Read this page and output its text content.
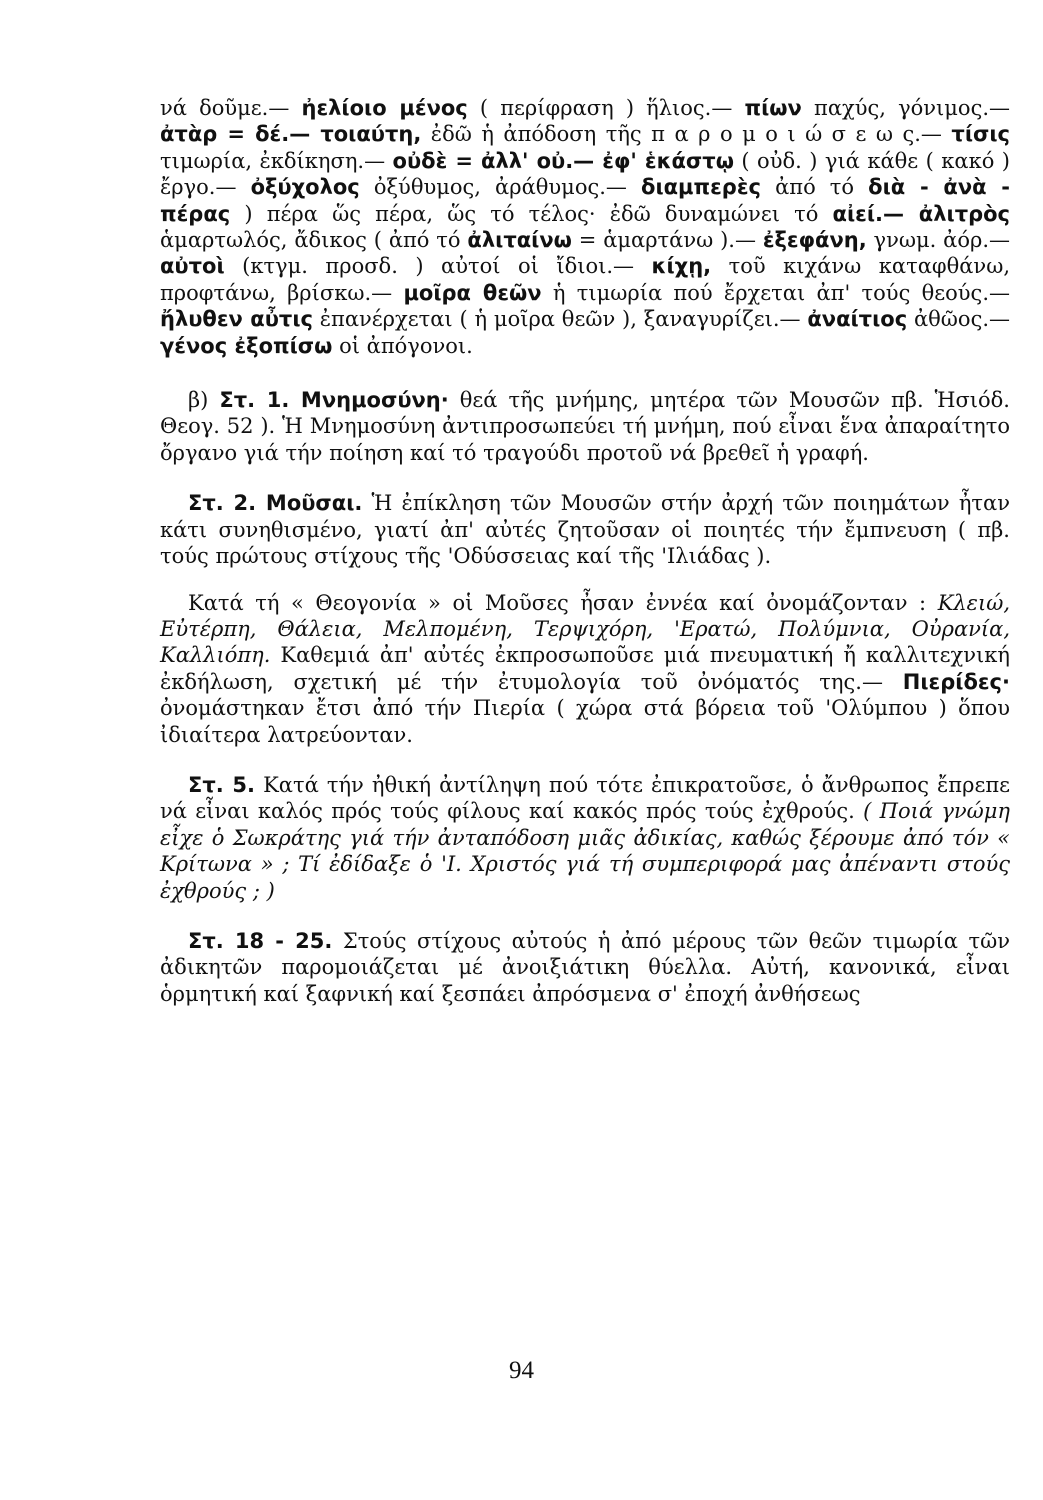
νά δοῦμε.— ἠελίοιο μένος ( περίφραση ) ἥλιος.— πίων παχύς, γόνιμος.— ἀτὰρ = δέ.— τοιαύτη, ἐδῶ ἡ ἀπόδοση τῆς π α ρ ο μ ο ι ώ σ ε ω ς.— τίσις τιμωρία, ἐκδίκηση.— οὐδὲ = ἀλλ' οὐ.— ἐφ' ἑκάστῳ ( οὐδ. ) γιά κάθε ( κακό ) ἔργο.— ὀξύχολος ὀξύθυμος, ἀράθυμος.— διαμπερὲς ἀπό τό διὰ - ἀνὰ - πέρας ) πέρα ὥς πέρα, ὥς τό τέλος· ἐδῶ δυναμώνει τό αἰεί.— ἀλιτρὸς ἁμαρτωλός, ἄδικος ( ἀπό τό ἀλιταίνω = ἁμαρτάνω ).— ἐξεφάνη, γνωμ. ἀόρ.— αὐτοὶ (κτγμ. προσδ. ) αὐτοί οἱ ἴδιοι.— κίχῃ, τοῦ κιχάνω καταφθάνω, προφτάνω, βρίσκω.— μοῖρα θεῶν ἡ τιμωρία πού ἔρχεται ἀπ' τούς θεούς.— ἤλυθεν αὖτις ἐπανέρχεται ( ἡ μοῖρα θεῶν ), ξαναγυρίζει.— ἀναίτιος ἀθῶος.— γένος ἐξοπίσω οἱ ἀπόγονοι.

β) Στ. 1. Μνημοσύνη· θεά τῆς μνήμης, μητέρα τῶν Μουσῶν πβ. Ἡσιόδ. Θεογ. 52 ). Ἡ Μνημοσύνη ἀντιπροσωπεύει τή μνήμη, πού εἶναι ἕνα ἀπαραίτητο ὄργανο γιά τήν ποίηση καί τό τραγούδι προτοῦ νά βρεθεῖ ἡ γραφή.

Στ. 2. Μοῦσαι. Ἡ ἐπίκληση τῶν Μουσῶν στήν ἀρχή τῶν ποιημάτων ἦταν κάτι συνηθισμένο, γιατί ἀπ' αὐτές ζητοῦσαν οἱ ποιητές τήν ἔμπνευση ( πβ. τούς πρώτους στίχους τῆς 'Οδύσσειας καί τῆς 'Ιλιάδας ).

Κατά τή « Θεογονία » οἱ Μοῦσες ἦσαν ἐννέα καί ὀνομάζονταν : Κλειώ, Εὐτέρπη, Θάλεια, Μελπομένη, Τερψιχόρη, 'Ερατώ, Πολύμνια, Οὐρανία, Καλλιόπη. Καθεμιά ἀπ' αὐτές ἐκπροσωποῦσε μιά πνευματική ἤ καλλιτεχνική ἐκδήλωση, σχετική μέ τήν ἐτυμολογία τοῦ ὀνόματός της.— Πιερίδες· ὀνομάστηκαν ἔτσι ἀπό τήν Πιερία ( χώρα στά βόρεια τοῦ 'Ολύμπου ) ὅπου ἰδιαίτερα λατρεύονταν.

Στ. 5. Κατά τήν ἠθική ἀντίληψη πού τότε ἐπικρατοῦσε, ὁ ἄνθρωπος ἔπρεπε νά εἶναι καλός πρός τούς φίλους καί κακός πρός τούς ἐχθρούς. ( Ποιά γνώμη εἶχε ὁ Σωκράτης γιά τήν ἀνταπόδοση μιᾶς ἀδικίας, καθώς ξέρουμε ἀπό τόν « Κρίτωνα » ; Τί ἐδίδαξε ὁ 'Ι. Χριστός γιά τή συμπεριφορά μας ἀπέναντι στούς ἐχθρούς ; )

Στ. 18 - 25. Στούς στίχους αὐτούς ἡ ἀπό μέρους τῶν θεῶν τιμωρία τῶν ἀδικητῶν παρομοιάζεται μέ ἀνοιξιάτικη θύελλα. Αὐτή, κανονικά, εἶναι ὁρμητική καί ξαφνική καί ξεσπάει ἀπρόσμενα σ' ἐποχή ἀνθήσεως

94
